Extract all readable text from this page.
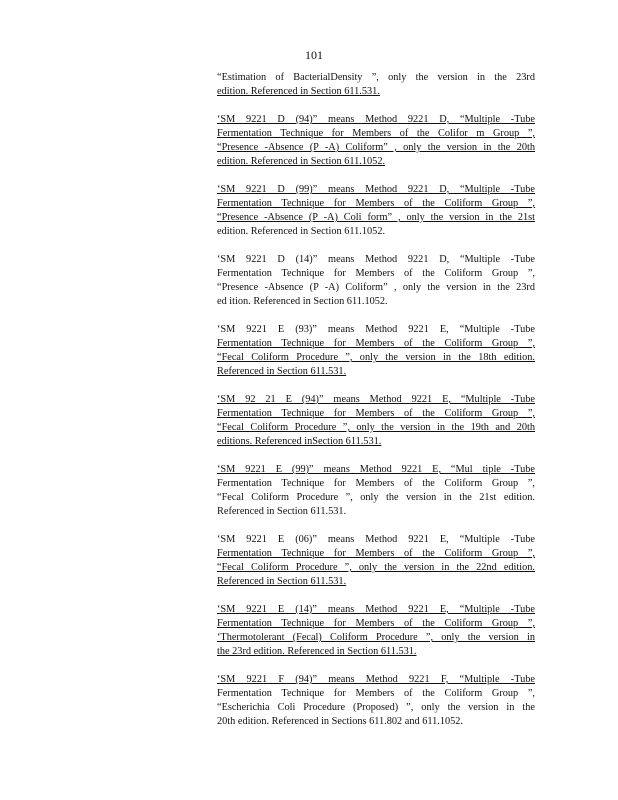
101

“Estimation of BacterialDensity ”, only the version in the 23rd
edition. Referenced in Section 611.531.

‘SM 9221 D (94)” means Method 9221 D, “Multiple -Tube
Fermentation Technique for Members of the Colifor m Group ”,
“Presence -Absence (P -A) Coliform” , only the version in the 20th
edition. Referenced in Section 611.1052.

‘SM 9221 D (99)” means Method 9221 D, “Multiple -Tube
Fermentation Technique for Members of the Coliform Group ”,
“Presence -Absence (P -A) Coli form” , only the version in the 21st
edition. Referenced in Section 611.1052.

‘SM 9221 D (14)” means Method 9221 D, “Multiple -Tube
Fermentation Technique for Members of the Coliform Group ”,
“Presence -Absence (P -A) Coliform” , only the version in the 23rd
ed ition. Referenced in Section 611.1052.

‘SM 9221 E (93)” means Method 9221 E, “Multiple -Tube
Fermentation Technique for Members of the Coliform Group ”,
“Fecal Coliform Procedure ”, only the version in the 18th edition.
Referenced in Section 611.531.

‘SM 92 21 E (94)” means Method 9221 E, “Multiple -Tube
Fermentation Technique for Members of the Coliform Group ”,
“Fecal Coliform Procedure ”, only the version in the 19th and 20th
editions. Referenced inSection 611.531.

‘SM 9221 E (99)” means Method 9221 E, “Mul tiple -Tube
Fermentation Technique for Members of the Coliform Group ”,
“Fecal Coliform Procedure ”, only the version in the 21st edition.
Referenced in Section 611.531.

‘SM 9221 E (06)” means Method 9221 E, “Multiple -Tube
Fermentation Technique for Members of the Coliform Group ”,
“Fecal Coliform Procedure ”, only the version in the 22nd edition.
Referenced in Section 611.531.

‘SM 9221 E (14)” means Method 9221 E, “Multiple -Tube
Fermentation Technique for Members of the Coliform Group ”,
‘Thermotolerant (Fecal) Coliform Procedure ”, only the version in
the 23rd edition. Referenced in Section 611.531.

‘SM 9221 F (94)” means Method 9221 F, “Multiple -Tube
Fermentation Technique for Members of the Coliform Group ”,
“Escherichia Coli Procedure (Proposed) ”, only the version in the
20th edition. Referenced in Sections 611.802 and 611.1052.
